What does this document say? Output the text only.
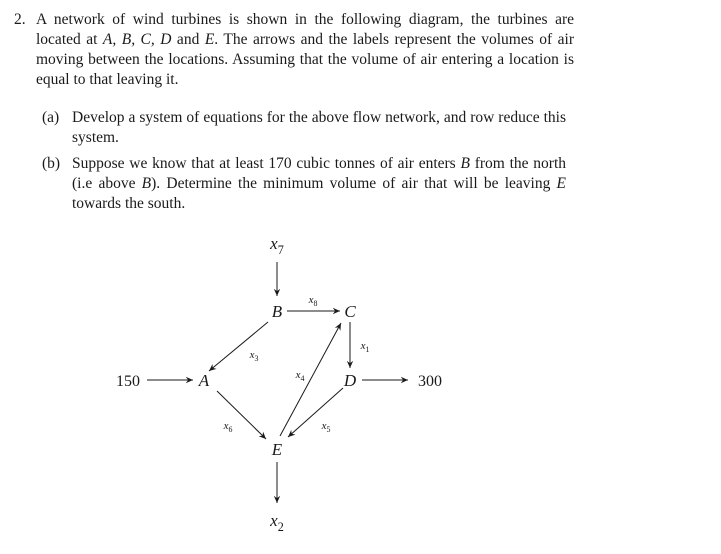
2. A network of wind turbines is shown in the following diagram, the turbines are located at A, B, C, D and E. The arrows and the labels represent the volumes of air moving between the locations. Assuming that the volume of air entering a location is equal to that leaving it.
(a) Develop a system of equations for the above flow network, and row reduce this system.
(b) Suppose we know that at least 170 cubic tonnes of air enters B from the north (i.e above B). Determine the minimum volume of air that will be leaving E towards the south.
B	C
A	D
E
150	300
$x_7$
$x_8$
$x_1$
$x_3$
$x_4$
$x_5$
$x_6$
$x_2$
